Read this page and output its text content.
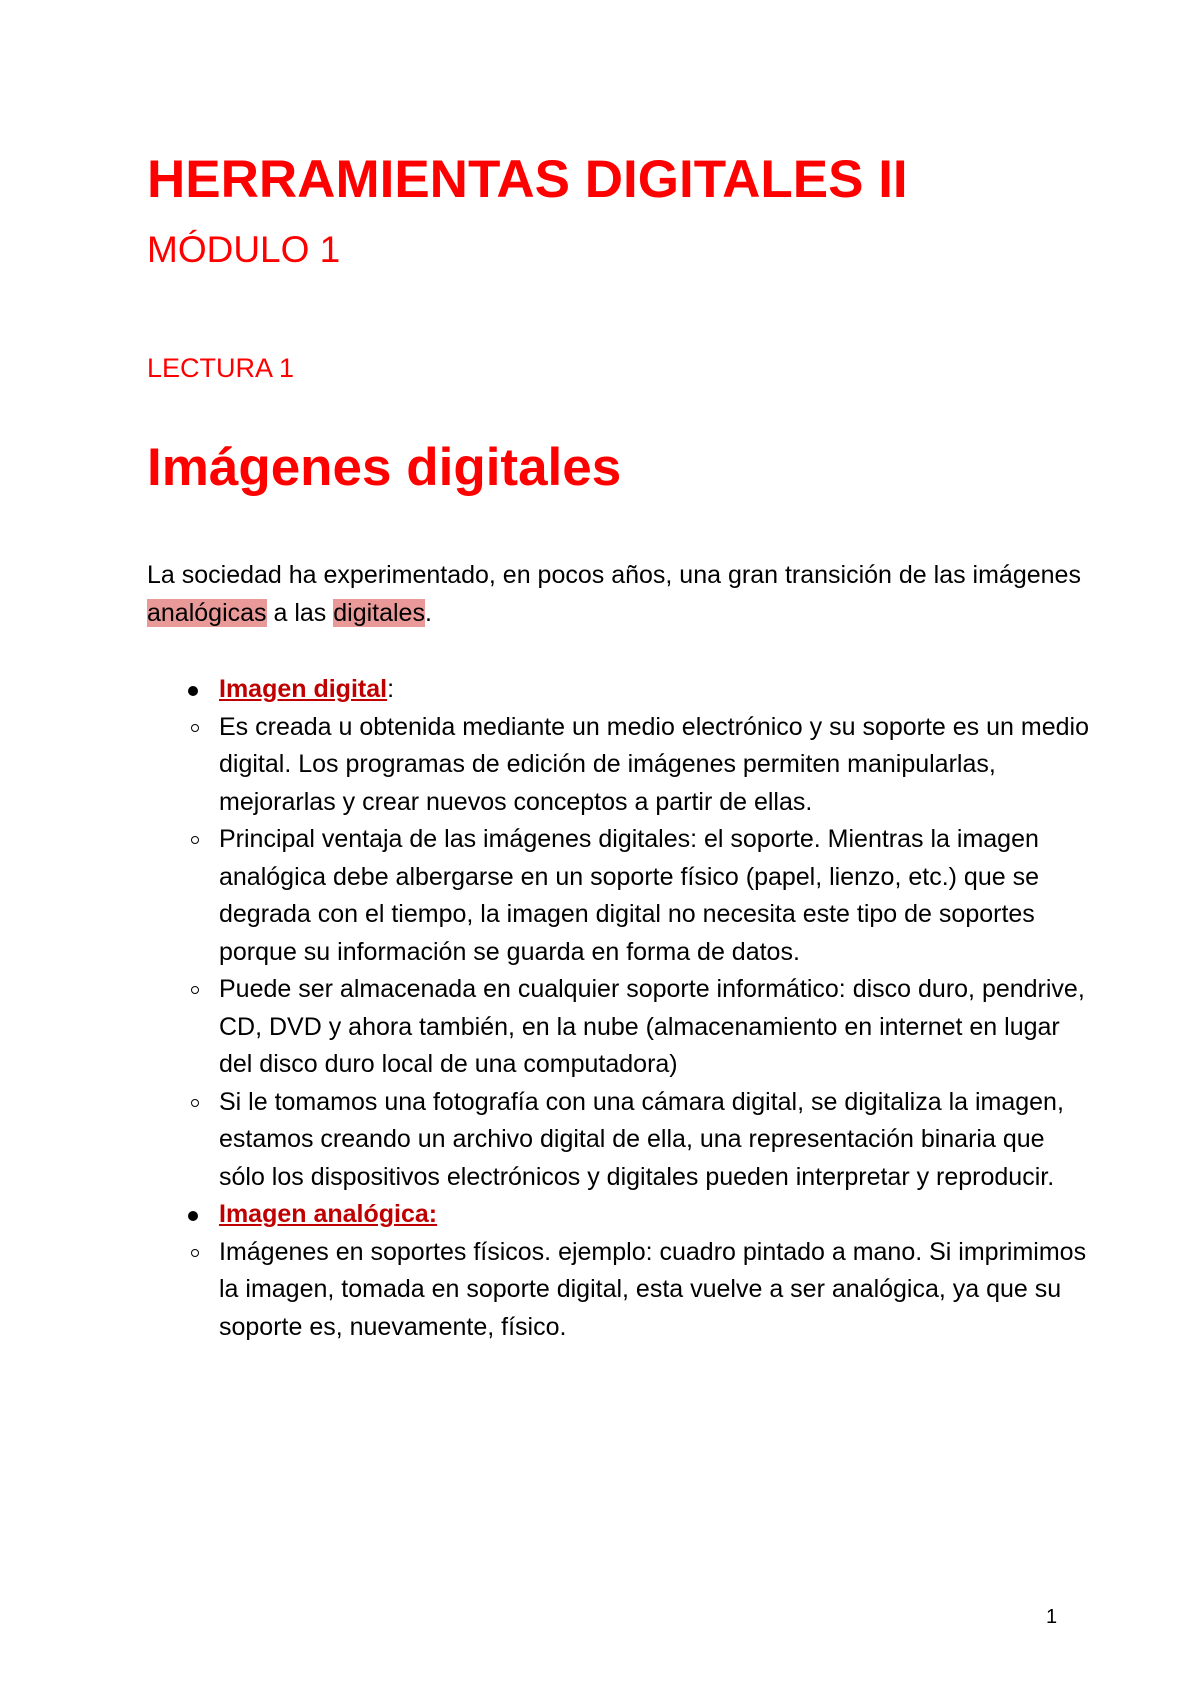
HERRAMIENTAS DIGITALES II
MÓDULO 1
LECTURA 1
Imágenes digitales

La sociedad ha experimentado, en pocos años, una gran transición de las imágenes analógicas a las digitales.

Imagen digital:
Es creada u obtenida mediante un medio electrónico y su soporte es un medio digital. Los programas de edición de imágenes permiten manipularlas, mejorarlas y crear nuevos conceptos a partir de ellas.
Principal ventaja de las imágenes digitales: el soporte. Mientras la imagen analógica debe albergarse en un soporte físico (papel, lienzo, etc.) que se degrada con el tiempo, la imagen digital no necesita este tipo de soportes porque su información se guarda en forma de datos.
Puede ser almacenada en cualquier soporte informático: disco duro, pendrive, CD, DVD y ahora también, en la nube (almacenamiento en internet en lugar del disco duro local de una computadora)
Si le tomamos una fotografía con una cámara digital, se digitaliza la imagen, estamos creando un archivo digital de ella, una representación binaria que sólo los dispositivos electrónicos y digitales pueden interpretar y reproducir.
Imagen analógica:
Imágenes en soportes físicos. ejemplo: cuadro pintado a mano. Si imprimimos la imagen, tomada en soporte digital, esta vuelve a ser analógica, ya que su soporte es, nuevamente, físico.
1
